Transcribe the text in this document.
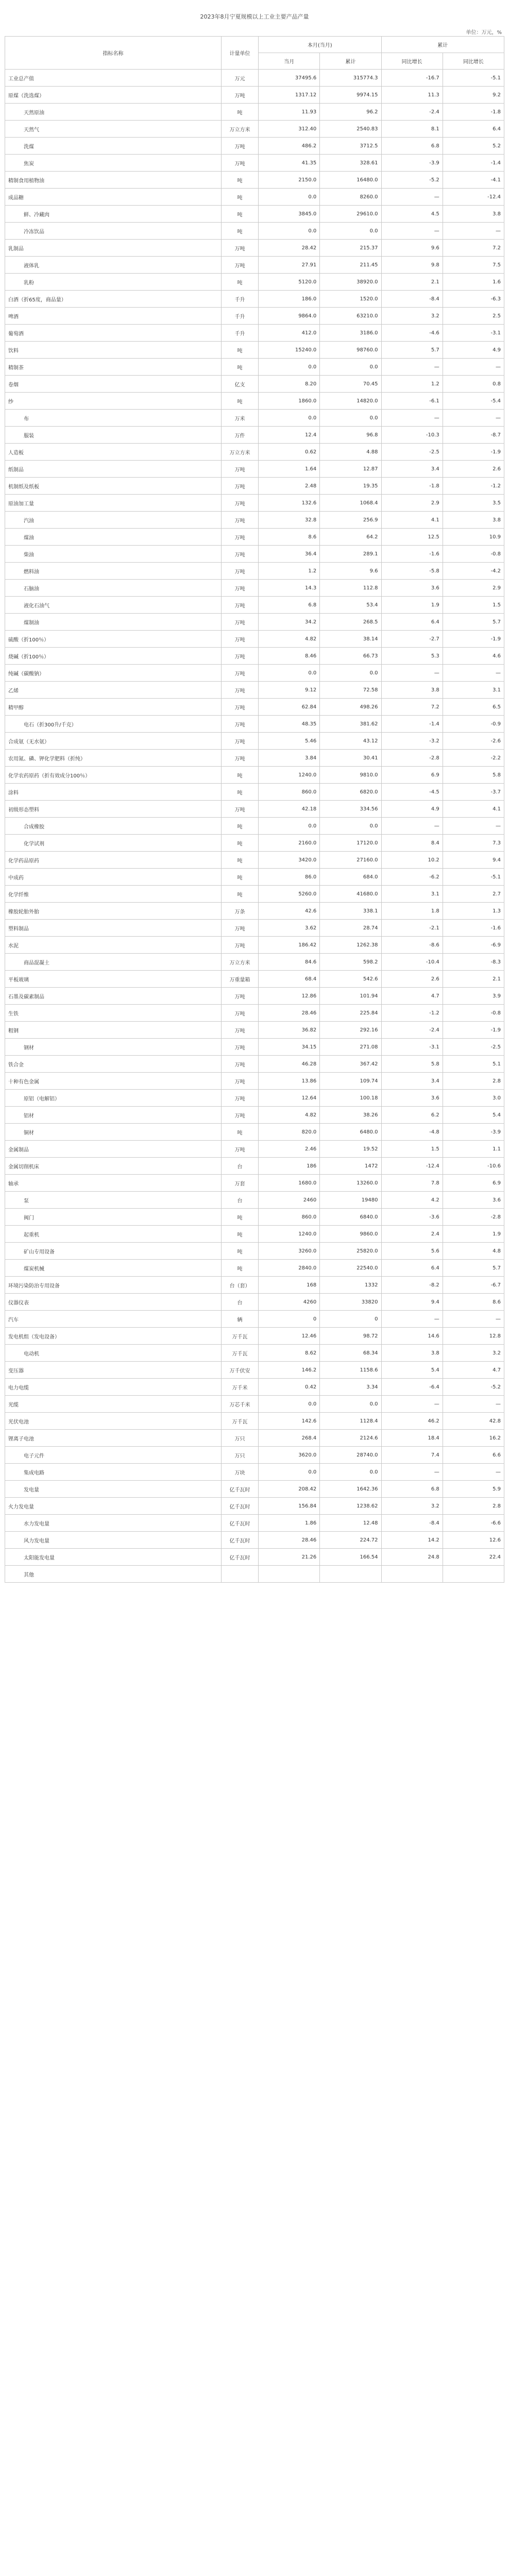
2023年8月宁夏规模以上工业主要产品产量
单位：万元，%
指标名称	计量单位	本月(当月)		累计	
		当月	累计	同比增长	同比增长
工业总产值	万元	37495.6	315774.3	-16.7	-5.1
原煤（洗选煤）	万吨	1317.12	9974.15	11.3	9.2
天然原油	吨	11.93	96.2	-2.4	-1.8
天然气	万立方米	312.40	2540.83	8.1	6.4
洗煤	万吨	486.2	3712.5	6.8	5.2
焦炭	万吨	41.35	328.61	-3.9	-1.4
精制食用植物油	吨	2150.0	16480.0	-5.2	-4.1
成品糖	吨	0.0	8260.0	—	-12.4
鲜、冷藏肉	吨	3845.0	29610.0	4.5	3.8
冷冻饮品	吨	0.0	0.0	—	—
乳制品	万吨	28.42	215.37	9.6	7.2
液体乳	万吨	27.91	211.45	9.8	7.5
乳粉	吨	5120.0	38920.0	2.1	1.6
白酒（折65度，商品量）	千升	186.0	1520.0	-8.4	-6.3
啤酒	千升	9864.0	63210.0	3.2	2.5
葡萄酒	千升	412.0	3186.0	-4.6	-3.1
饮料	吨	15240.0	98760.0	5.7	4.9
精制茶	吨	0.0	0.0	—	—
卷烟	亿支	8.20	70.45	1.2	0.8
纱	吨	1860.0	14820.0	-6.1	-5.4
布	万米	0.0	0.0	—	—
服装	万件	12.4	96.8	-10.3	-8.7
人造板	万立方米	0.62	4.88	-2.5	-1.9
纸制品	万吨	1.64	12.87	3.4	2.6
机制纸及纸板	万吨	2.48	19.35	-1.8	-1.2
原油加工量	万吨	132.6	1068.4	2.9	3.5
汽油	万吨	32.8	256.9	4.1	3.8
煤油	万吨	8.6	64.2	12.5	10.9
柴油	万吨	36.4	289.1	-1.6	-0.8
燃料油	万吨	1.2	9.6	-5.8	-4.2
石脑油	万吨	14.3	112.8	3.6	2.9
液化石油气	万吨	6.8	53.4	1.9	1.5
煤制油	万吨	34.2	268.5	6.4	5.7
硫酸（折100％）	万吨	4.82	38.14	-2.7	-1.9
烧碱（折100％）	万吨	8.46	66.73	5.3	4.6
纯碱（碳酸钠）	万吨	0.0	0.0	—	—
乙烯	万吨	9.12	72.58	3.8	3.1
精甲醇	万吨	62.84	498.26	7.2	6.5
电石（折300升/千克）	万吨	48.35	381.62	-1.4	-0.9
合成氨（无水氨）	万吨	5.46	43.12	-3.2	-2.6
农用氮、磷、钾化学肥料（折纯）	万吨	3.84	30.41	-2.8	-2.2
化学农药原药（折有效成分100％）	吨	1240.0	9810.0	6.9	5.8
涂料	吨	860.0	6820.0	-4.5	-3.7
初级形态塑料	万吨	42.18	334.56	4.9	4.1
合成橡胶	吨	0.0	0.0	—	—
化学试剂	吨	2160.0	17120.0	8.4	7.3
化学药品原药	吨	3420.0	27160.0	10.2	9.4
中成药	吨	86.0	684.0	-6.2	-5.1
化学纤维	吨	5260.0	41680.0	3.1	2.7
橡胶轮胎外胎	万条	42.6	338.1	1.8	1.3
塑料制品	万吨	3.62	28.74	-2.1	-1.6
水泥	万吨	186.42	1262.38	-8.6	-6.9
商品混凝土	万立方米	84.6	598.2	-10.4	-8.3
平板玻璃	万重量箱	68.4	542.6	2.6	2.1
石墨及碳素制品	万吨	12.86	101.94	4.7	3.9
生铁	万吨	28.46	225.84	-1.2	-0.8
粗钢	万吨	36.82	292.16	-2.4	-1.9
钢材	万吨	34.15	271.08	-3.1	-2.5
铁合金	万吨	46.28	367.42	5.8	5.1
十种有色金属	万吨	13.86	109.74	3.4	2.8
原铝（电解铝）	万吨	12.64	100.18	3.6	3.0
铝材	万吨	4.82	38.26	6.2	5.4
铜材	吨	820.0	6480.0	-4.8	-3.9
金属制品	万吨	2.46	19.52	1.5	1.1
金属切削机床	台	186	1472	-12.4	-10.6
轴承	万套	1680.0	13260.0	7.8	6.9
泵	台	2460	19480	4.2	3.6
阀门	吨	860.0	6840.0	-3.6	-2.8
起重机	吨	1240.0	9860.0	2.4	1.9
矿山专用设备	吨	3260.0	25820.0	5.6	4.8
煤炭机械	吨	2840.0	22540.0	6.4	5.7
环境污染防治专用设备	台（套）	168	1332	-8.2	-6.7
仪器仪表	台	4260	33820	9.4	8.6
汽车	辆	0	0	—	—
发电机组（发电设备）	万千瓦	12.46	98.72	14.6	12.8
电动机	万千瓦	8.62	68.34	3.8	3.2
变压器	万千伏安	146.2	1158.6	5.4	4.7
电力电缆	万千米	0.42	3.34	-6.4	-5.2
光缆	万芯千米	0.0	0.0	—	—
光伏电池	万千瓦	142.6	1128.4	46.2	42.8
锂离子电池	万只	268.4	2124.6	18.4	16.2
电子元件	万只	3620.0	28740.0	7.4	6.6
集成电路	万块	0.0	0.0	—	—
发电量	亿千瓦时	208.42	1642.36	6.8	5.9
火力发电量	亿千瓦时	156.84	1238.62	3.2	2.8
水力发电量	亿千瓦时	1.86	12.48	-8.4	-6.6
风力发电量	亿千瓦时	28.46	224.72	14.2	12.6
太阳能发电量	亿千瓦时	21.26	166.54	24.8	22.4
其他					
